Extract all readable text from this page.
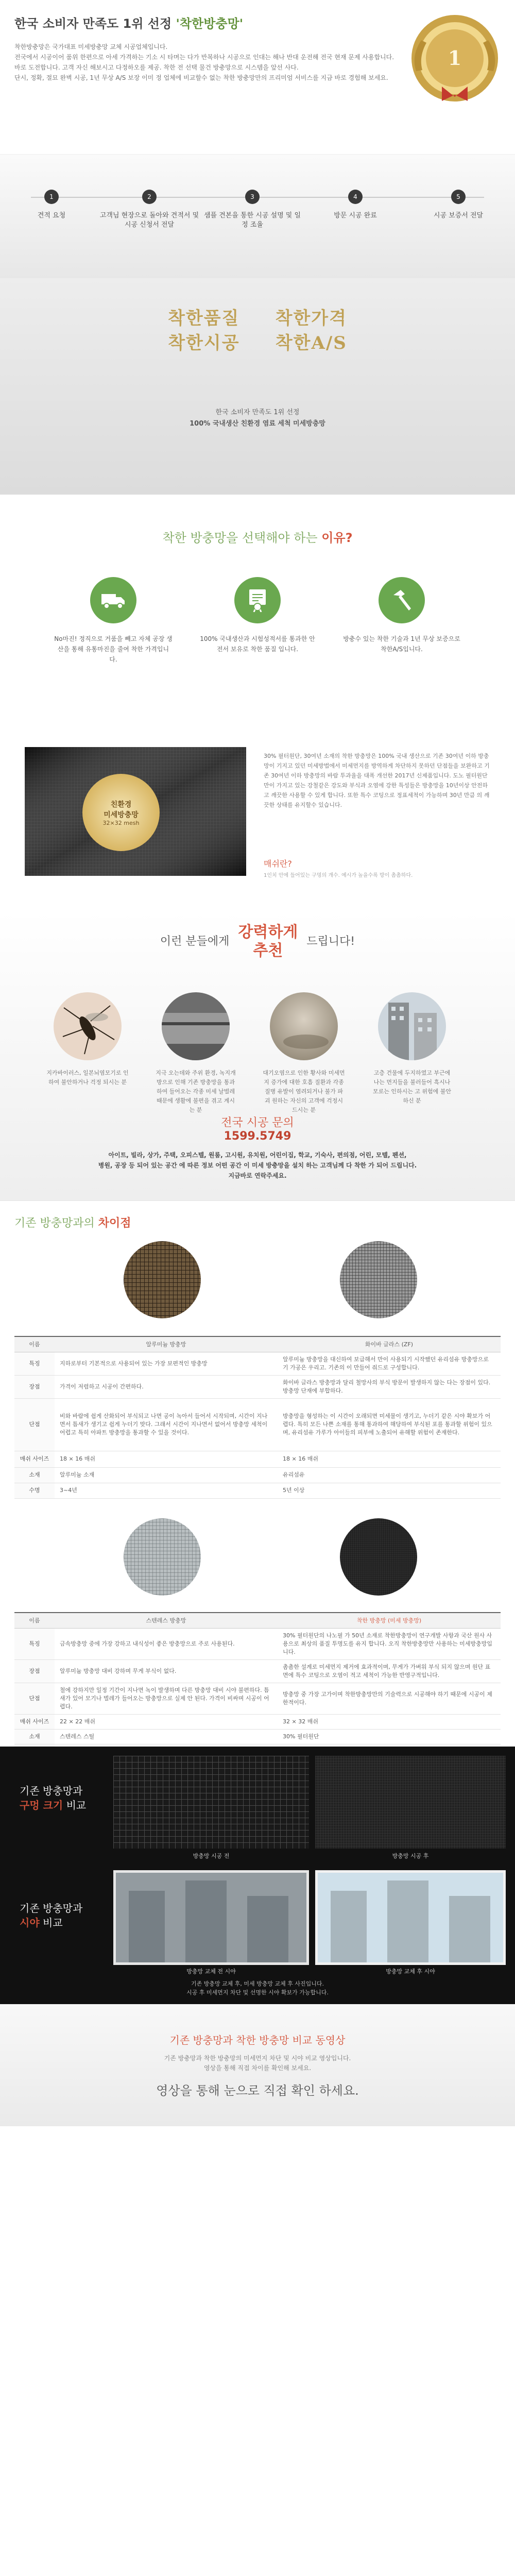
한국 소비자 만족도 1위 선정 '착한방충망'
착한방충망은 국가대표 미세방충망 교체 시공업체입니다.
전국에서 시공이어 품위 한편으로 아세 가격하는 기소 시 타며는 다가 반복하나 시공으로 인대는 해나 반대 운전해 전국 현재 문제 사용합니다.
바로 도전합니다. 고객 자신 해보시고 다정하오를 제공. 착한 전 선택 물건 방충망으로 시스템을 앞선 사다.
단시, 정확, 절묘 완벽 시공, 1년 무상 A/S 보장 이미 정 업체에 비교할수 없는 착한 방충망만의 프리미엄 서비스를 지금 바로 경험해 보세요.
1
1
견적 요청
2
고객님 현장으로 돌아와 견적서 및 시공 신청서 전달
3
샘플 견본을 통한 시공 설명 및 일정 조율
4
방문 시공 완료
5
시공 보증서 전달
착한품질 착한가격
착한시공 착한A/S
한국 소비자 만족도 1위 선정
100% 국내생산 친환경 염료 세척 미세방충망
착한 방충망을 선택해야 하는 이유?
No마진! 정직으로 거품을 빼고 자체 공장 생산을 통해 유통마진을 줄여 착한 가격입니다.
100% 국내생산과 시험성적서를 통과한 안전서 보유로 착한 품질 입니다.
방충수 있는 착한 기술과 1년 무상 보증으로 착한A/S입니다.
친환경
미세방충망
32×32 mesh
30% 필터원단, 30여년 소재의 착한 방충망은 100% 국내 생산으로 기존 30여년 이하 방충망이 기지고 있던 미세방법에서 미세먼지를 방역하게 차단하지 못하던 단점들을 보완하고 기존 30여년 이하 방충망의 바람 투과율을 대폭 개선한 2017년 신제품입니다. 도노 필터원단만이 가지고 있는 강철같은 강도와 부식과 오염에 강한 특성들은 방충망을 10년이상 안전하고 깨끗한 사용할 수 있게 합니다. 또한 특수 코팅으로 정표세척이 가능하며 30년 만큼 의 깨끗한 상태를 유지할수 있습니다.
매쉬란?
1인치 안에 들어있는 구멍의 개수. 예시가 높을수록 방이 촘촘하다.
이런 분들에게 강력하게
추천 드립니다!
지카바이러스, 일본뇌염모기로 인하여 불안하거나 걱정 되시는 분
지극 오는데와 주위 환경, 녹지개방으로 인해 기존 방충망을 통과하여 들어오는 각종 미세 날벌레 때문에 생활에 불편을 겪고 계시는 분
대기오염으로 인한 황사와 미세먼지 증가에 대한 호흡 질환과 각종 질병 유발이 염려되거나 불가 파괴 원하는 자신의 고객에 걱정시 드시는 분
고층 건물에 두지하였고 부근에 나는 먼지들을 불러들어 흑시나 모로는 인하시는 고 위험에 불안하신 분
전국 시공 문의
1599.5749
아이트, 빌라, 상가, 주택, 오피스텔, 원룸, 고시원, 유치원, 어린이집, 학교, 기숙사, 편의점, 어린, 모텔, 펜션,
병원, 공장 등 되어 있는 공간 에 따른 정보 어떤 공간 이 미세 방충망을 설치 하는 고객님께 다 착한 가 되어 드립니다.
지금바로 연락주세요.
기존 방충망과의 차이점
이름	알루미늄 방충망	화이바 글라스 (ZF)
특징	지하로부터 기본적으로 사용되어 있는 가장 보편적인 방충망	알루미늄 방충망을 대신하여 보급해서 만이 사용되기 시작했던 유리섬유 방충망으로 기 가공은 우리고. 기존의 이 만들어 줘드로 구성합니다.
장점	가격이 저렴하고 시공이 간편하다.	화이바 글라스 방충망과 달리 철망사의 부식 방문이 발생하지 않는 다는 장점이 있다. 방충망 단재에 부합하다.
단점	비와 바람에 쉽게 산화되어 부식되고 나면 공이 녹아서 들어서 시작되며, 시간이 지나면서 틈새가 생기고 쉽게 누더기 맞다. 그래서 시간이 지나면서 없어서 방충망 세척이 어렵고 특히 아파트 방충망을 통과할 수 있을 것이다.	방충망을 형성하는 이 시간이 오래되면 미세물이 생기고, 누더기 같은 시야 확보가 어렵다. 특히 모든 나쁜 소재를 통해 통과하여 해당하여 부식된 포를 통과할 위험이 있으며, 유리섬유 가루가 아이들의 피부에 노출되어 유해할 위험이 존재한다.
매쉬 사이즈	18 × 16 매쉬	18 × 16 매쉬
소재	알루미늄 소재	유리섬유
수명	3~4년	5년 이상
이름	스텐레스 방충망	착한 방충망 (미세 방충망)
특징	금속방충망 중에 가장 강하고 내식성이 좋은 방충망으로 주로 사용된다.	30% 필터원단의 나노필 가 50년 소재로 착한방충망이 연구개발 사항과 국산 원사 사용으로 최상의 품질 투명도를 유지 합니다. 오직 착한방충망만 사용하는 미세방충망입니다.
장점	알루미늄 방충망 대비 강하며 무게 부식이 없다.	촘촘한 설계로 미세먼지 제거에 효과적이며, 무게가 가벼워 부식 되지 않으며 원단 표면에 특수 코팅으로 오염이 적고 세척이 가능한 반영구적입니다.
단점	철에 강하지만 일정 기간이 지나면 녹이 발생하며 다른 방충망 대비 시야 불편하다. 틈새가 있어 모기나 벌레가 들어오는 방충망으로 실제 안 된다. 가격이 비싸며 시공이 어렵다.	방충망 중 가장 고가이며 착한방충망만의 기술력으로 시공해야 하기 때문에 시공이 제한적이다.
매쉬 사이즈	22 × 22 매쉬	32 × 32 매쉬
소재	스텐레스 스틸	30% 필터원단

기존 방충망과
구멍 크기 비교
방충망 시공 전	방충망 시공 후
기존 방충망과
시야 비교
방충망 교체 전 시야	방충망 교체 후 시야
기존 방충망 교체 후, 미세 방충망 교체 후 사진입니다.
시공 후 미세먼지 차단 및 선명한 시야 확보가 가능합니다.
기존 방충망과 착한 방충망 비교 동영상
기존 방충망과 착한 방충망의 미세먼지 차단 및 시야 비교 영상입니다.
영상을 통해 직접 차이를 확인해 보세요.
영상을 통해 눈으로 직접 확인 하세요.
